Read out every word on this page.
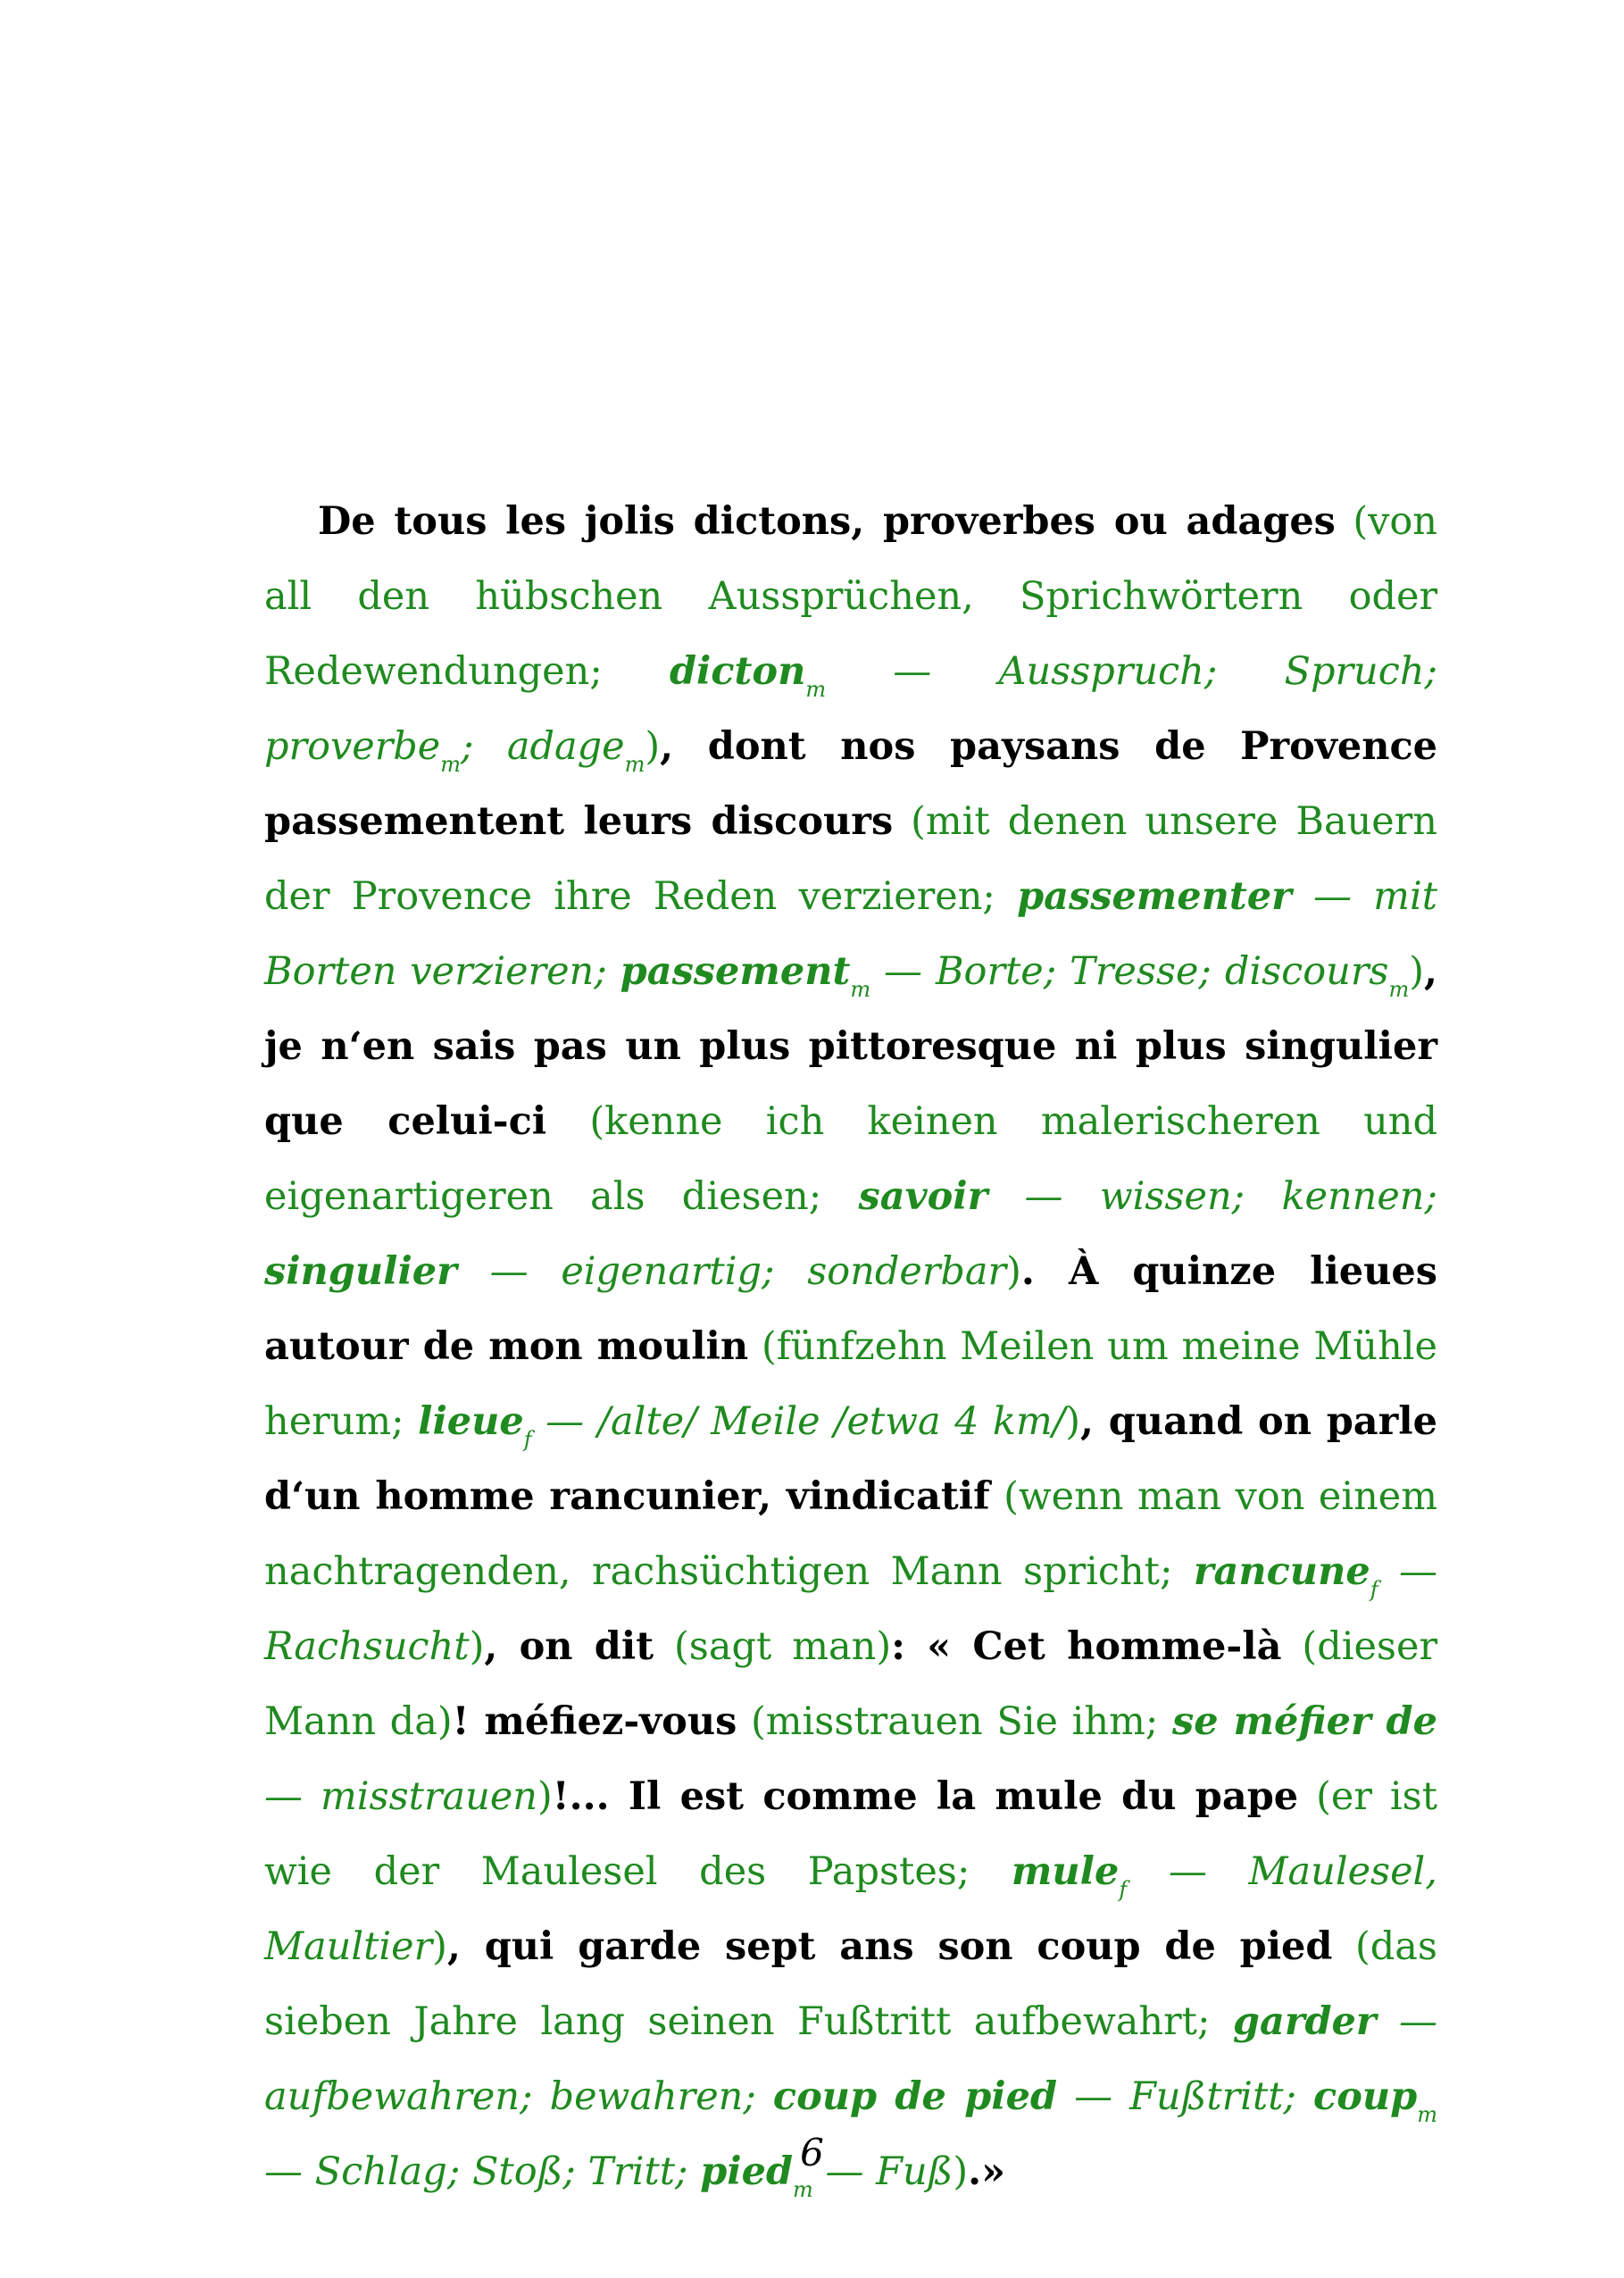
De tous les jolis dictons, proverbes ou adages (von all den hübschen Aussprüchen, Sprichwörtern oder Redewendungen; dicton$_m$ — Ausspruch; Spruch; proverbe$_m$; adage$_m$), dont nos paysans de Provence passementent leurs discours (mit denen unsere Bauern der Provence ihre Reden verzieren; passementer — mit Borten verzieren; passement$_m$ — Borte; Tresse; discours$_m$), je n‘en sais pas un plus pittoresque ni plus singulier que celui-ci (kenne ich keinen malerischeren und eigenartigeren als diesen; savoir — wissen; kennen; singulier — eigenartig; sonderbar). À quinze lieues autour de mon moulin (fünfzehn Meilen um meine Mühle herum; lieue$_f$ — /alte/ Meile /etwa 4 km/), quand on parle d‘un homme rancunier, vindicatif (wenn man von einem nachtragenden, rachsüchtigen Mann spricht; rancune$_f$ — Rachsucht), on dit (sagt man): « Cet homme-là (dieser Mann da)! méfiez-vous (misstrauen Sie ihm; se méfier de — misstrauen)!... Il est comme la mule du pape (er ist wie der Maulesel des Papstes; mule$_f$ — Maulesel, Maultier), qui garde sept ans son coup de pied (das sieben Jahre lang seinen Fußtritt aufbewahrt; garder — aufbewahren; bewahren; coup de pied — Fußtritt; coup$_m$ — Schlag; Stoß; Tritt; pied$_m$ — Fuß).»

6
